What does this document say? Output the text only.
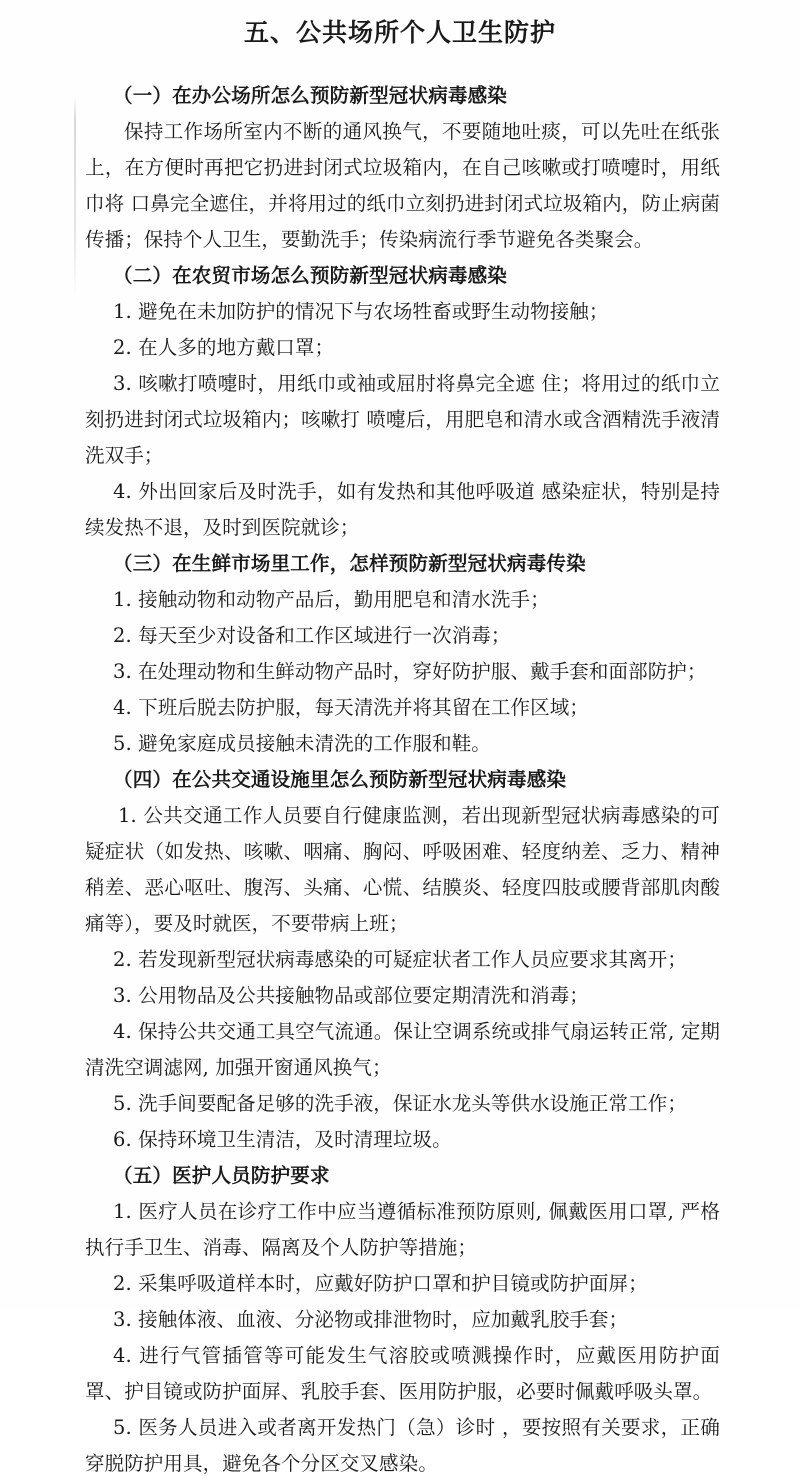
五、公共场所个人卫生防护

（一）在办公场所怎么预防新型冠状病毒感染

保持工作场所室内不断的通风换气，不要随地吐痰，可以先吐在纸张上，在方便时再把它扔进封闭式垃圾箱内，在自己咳嗽或打喷嚏时，用纸巾将 口鼻完全遮住，并将用过的纸巾立刻扔进封闭式垃圾箱内，防止病菌传播；保持个人卫生，要勤洗手；传染病流行季节避免各类聚会。

（二）在农贸市场怎么预防新型冠状病毒感染

1. 避免在未加防护的情况下与农场牲畜或野生动物接触；

2. 在人多的地方戴口罩；

3. 咳嗽打喷嚏时，用纸巾或袖或屈肘将鼻完全遮 住；将用过的纸巾立刻扔进封闭式垃圾箱内；咳嗽打 喷嚏后，用肥皂和清水或含酒精洗手液清洗双手；

4. 外出回家后及时洗手，如有发热和其他呼吸道 感染症状，特别是持续发热不退，及时到医院就诊；

（三）在生鲜市场里工作，怎样预防新型冠状病毒传染

1. 接触动物和动物产品后，勤用肥皂和清水洗手；

2. 每天至少对设备和工作区域进行一次消毒；

3. 在处理动物和生鲜动物产品时，穿好防护服、戴手套和面部防护；

4. 下班后脱去防护服，每天清洗并将其留在工作区域；

5. 避免家庭成员接触未清洗的工作服和鞋。

（四）在公共交通设施里怎么预防新型冠状病毒感染

1. 公共交通工作人员要自行健康监测，若出现新型冠状病毒感染的可疑症状（如发热、咳嗽、咽痛、胸闷、呼吸困难、轻度纳差、乏力、精神稍差、恶心呕吐、腹泻、头痛、心慌、结膜炎、轻度四肢或腰背部肌肉酸痛等），要及时就医，不要带病上班；

2. 若发现新型冠状病毒感染的可疑症状者工作人员应要求其离开；

3. 公用物品及公共接触物品或部位要定期清洗和消毒；

4. 保持公共交通工具空气流通。保让空调系统或排气扇运转正常, 定期清洗空调滤网, 加强开窗通风换气；

5. 洗手间要配备足够的洗手液，保证水龙头等供水设施正常工作；

6. 保持环境卫生清洁，及时清理垃圾。

（五）医护人员防护要求

1. 医疗人员在诊疗工作中应当遵循标准预防原则, 佩戴医用口罩, 严格执行手卫生、消毒、隔离及个人防护等措施；

2. 采集呼吸道样本时，应戴好防护口罩和护目镜或防护面屏；

3. 接触体液、血液、分泌物或排泄物时，应加戴乳胶手套；

4. 进行气管插管等可能发生气溶胶或喷溅操作时，应戴医用防护面罩、护目镜或防护面屏、乳胶手套、医用防护服，必要时佩戴呼吸头罩。

5. 医务人员进入或者离开发热门（急）诊时 ，要按照有关要求，正确穿脱防护用具，避免各个分区交叉感染。
